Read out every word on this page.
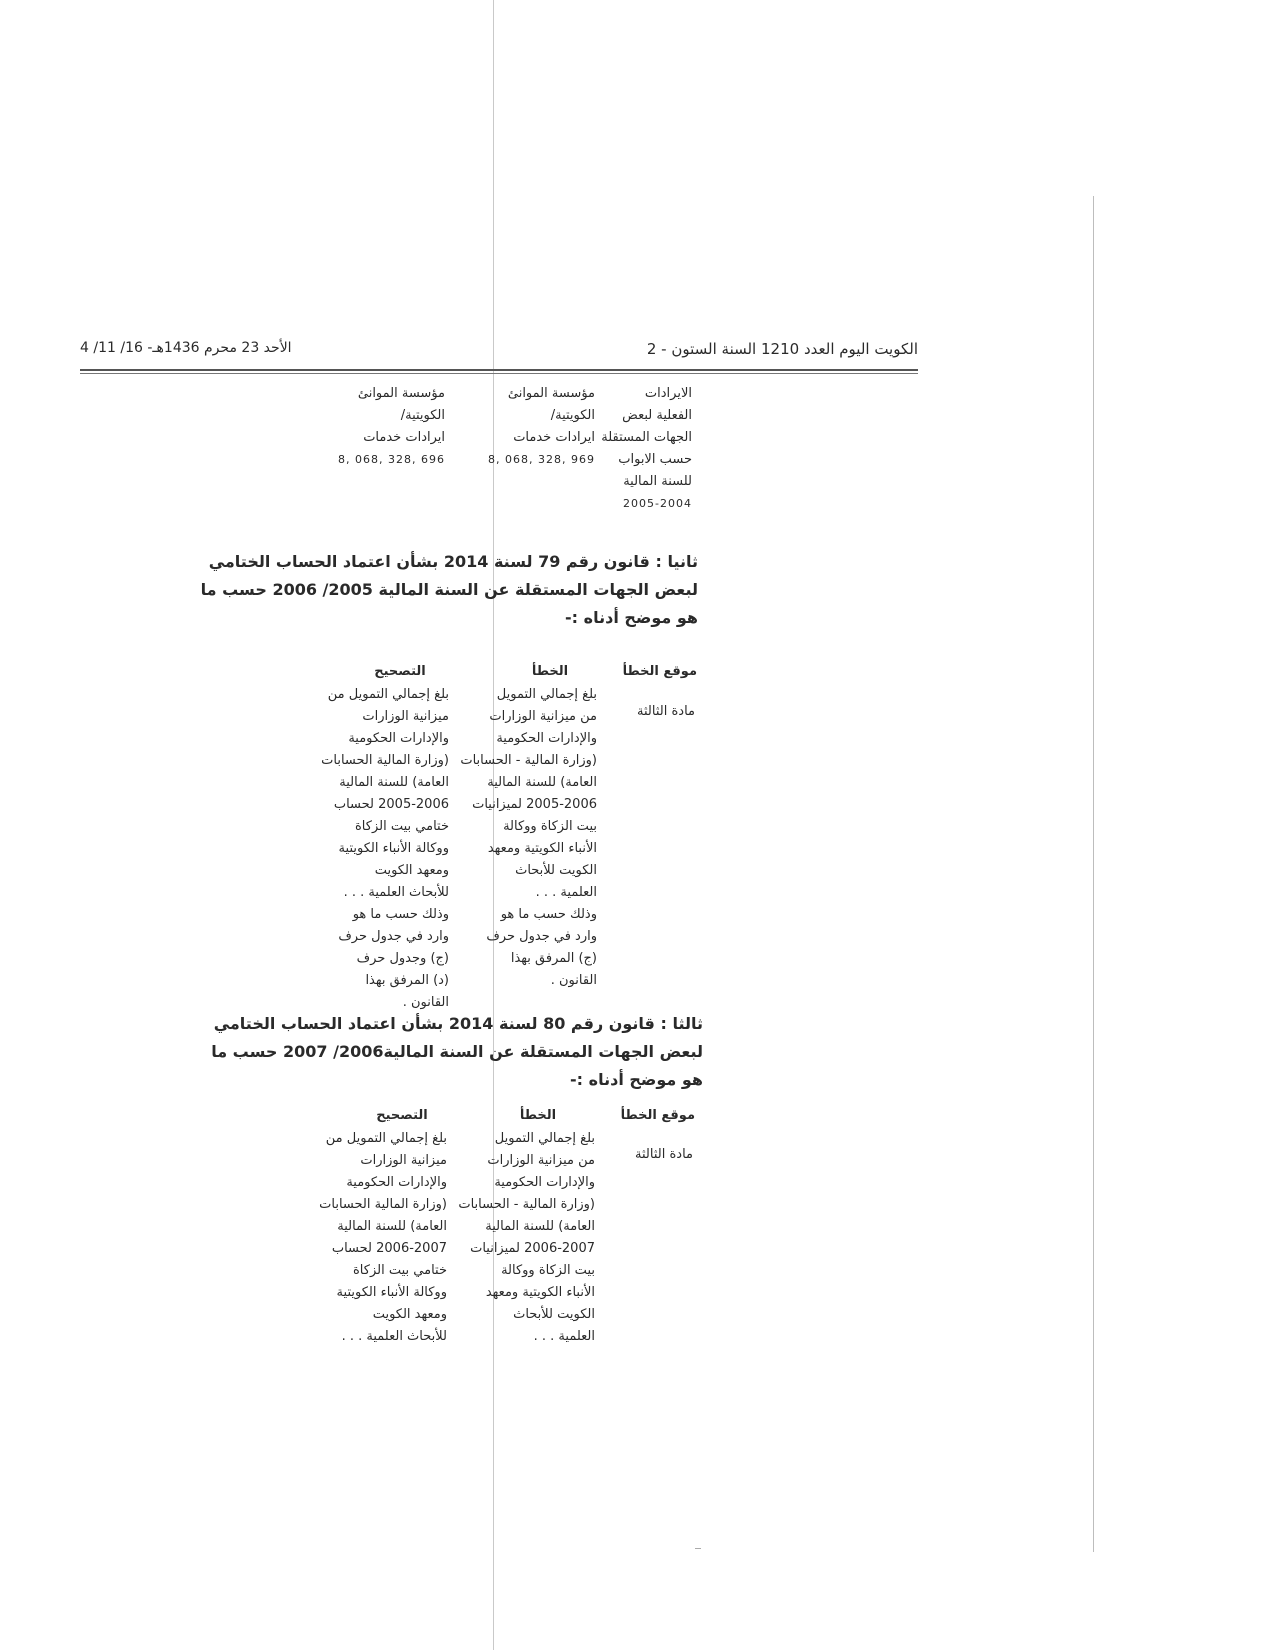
الكويت اليوم العدد 1210 السنة الستون - 2
الأحد 23 محرم 1436هـ- 16/ 11/ 4
الايرادات
الفعلية لبعض
الجهات المستقلة
حسب الابواب
للسنة المالية
2005-2004
مؤسسة الموانئ
الكويتية/
ايرادات خدمات
8, 068, 328, 969
مؤسسة الموانئ
الكويتية/
ايرادات خدمات
8, 068, 328, 696
ثانيا : قانون رقم 79 لسنة 2014 بشأن اعتماد الحساب الختامي
لبعض الجهات المستقلة عن السنة المالية 2005/ 2006 حسب ما
هو موضح أدناه :-
موقع الخطأ
الخطأ
التصحيح
مادة الثالثة
بلغ إجمالي التمويل
من ميزانية الوزارات
والإدارات الحكومية
(وزارة المالية - الحسابات
العامة) للسنة المالية
2005-2006 لميزانيات
بيت الزكاة ووكالة
الأنباء الكويتية ومعهد
الكويت للأبحاث
العلمية . . .
وذلك حسب ما هو
وارد في جدول حرف
(ج) المرفق بهذا
القانون .
بلغ إجمالي التمويل من
ميزانية الوزارات
والإدارات الحكومية
(وزارة المالية الحسابات
العامة) للسنة المالية
2005-2006 لحساب
ختامي بيت الزكاة
ووكالة الأنباء الكويتية
ومعهد الكويت
للأبحاث العلمية . . .
وذلك حسب ما هو
وارد في جدول حرف
(ج) وجدول حرف
(د) المرفق بهذا
القانون .
ثالثا : قانون رقم 80 لسنة 2014 بشأن اعتماد الحساب الختامي
لبعض الجهات المستقلة عن السنة المالية2006/ 2007 حسب ما
هو موضح أدناه :-
موقع الخطأ
الخطأ
التصحيح
مادة الثالثة
بلغ إجمالي التمويل
من ميزانية الوزارات
والإدارات الحكومية
(وزارة المالية - الحسابات
العامة) للسنة المالية
2006-2007 لميزانيات
بيت الزكاة ووكالة
الأنباء الكويتية ومعهد
الكويت للأبحاث
العلمية . . .
بلغ إجمالي التمويل من
ميزانية الوزارات
والإدارات الحكومية
(وزارة المالية الحسابات
العامة) للسنة المالية
2006-2007 لحساب
ختامي بيت الزكاة
ووكالة الأنباء الكويتية
ومعهد الكويت
للأبحاث العلمية . . .
